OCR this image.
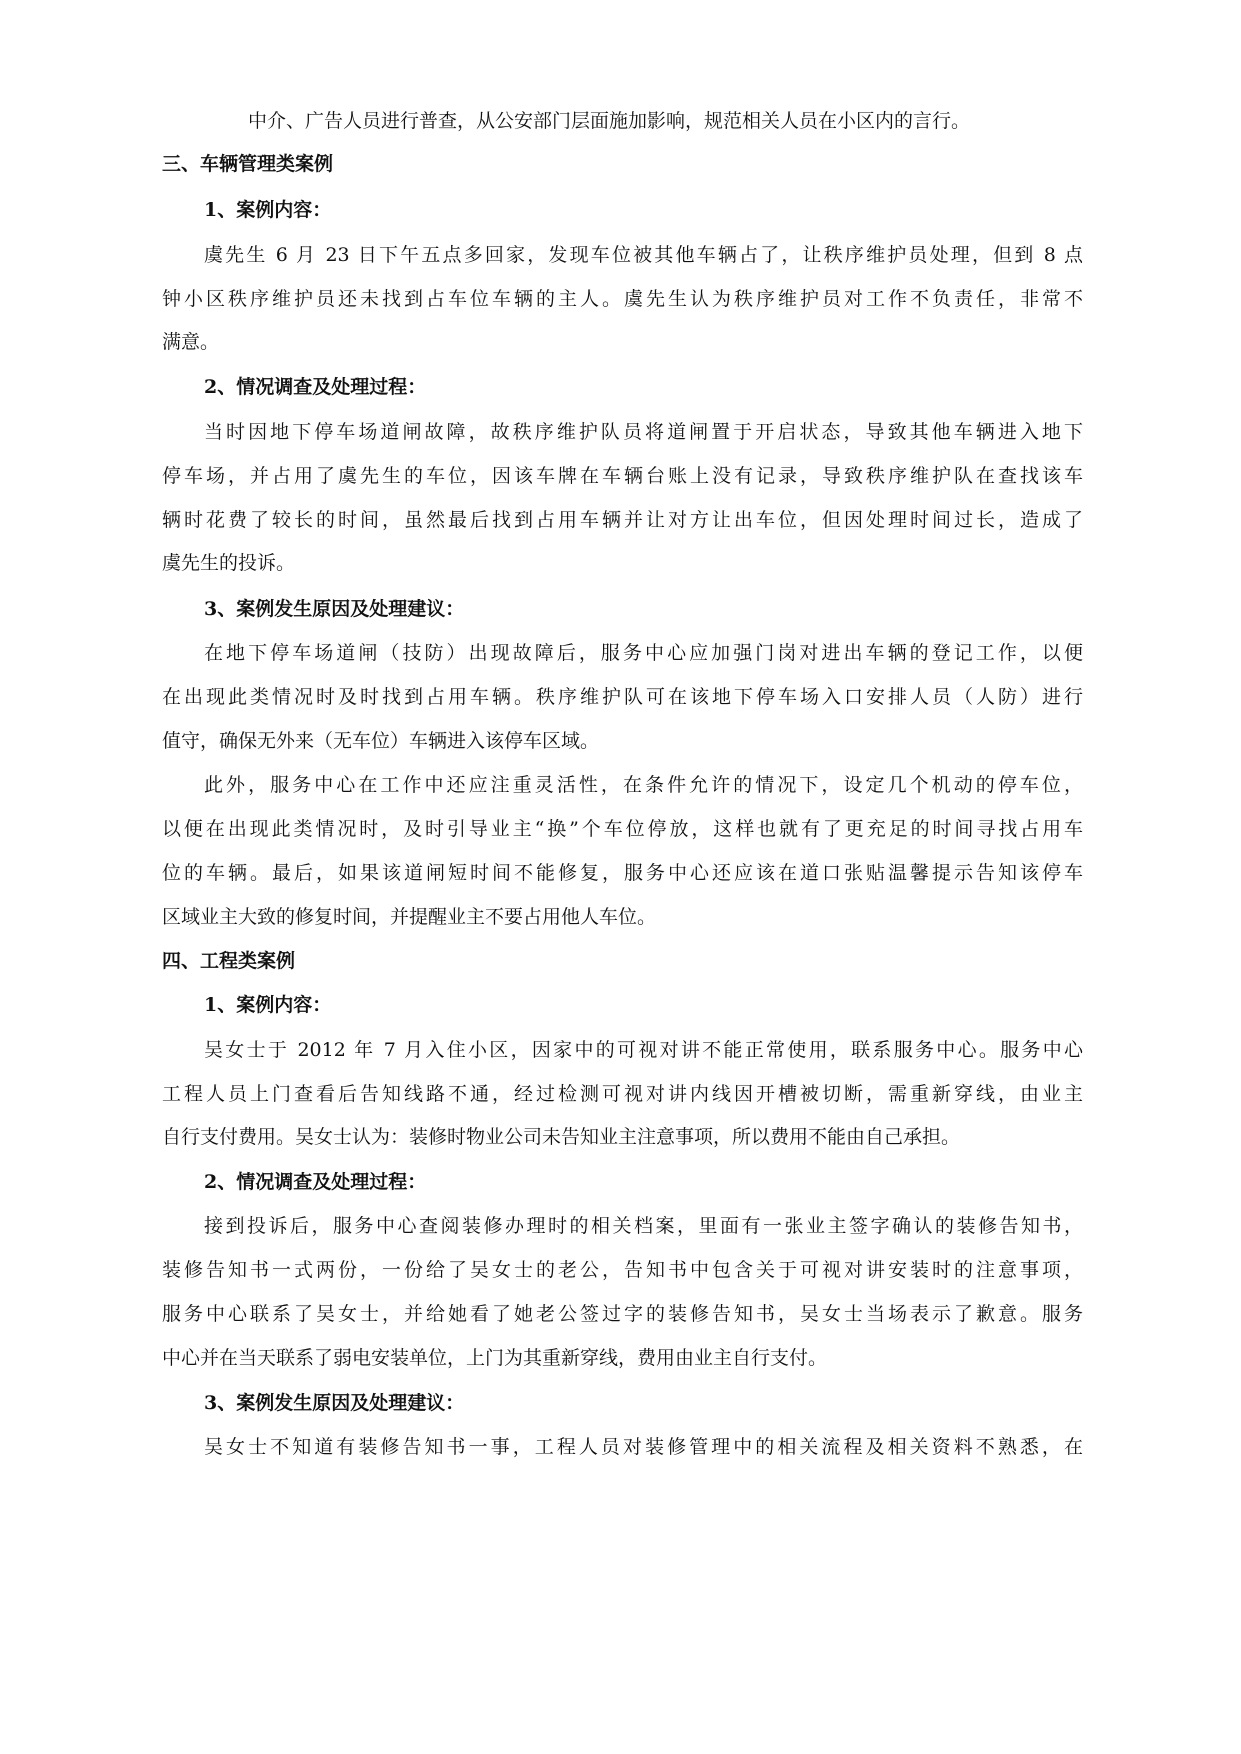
中介、广告人员进行普查，从公安部门层面施加影响，规范相关人员在小区内的言行。
三、车辆管理类案例
1、案例内容：
虞先生 6 月 23 日下午五点多回家，发现车位被其他车辆占了，让秩序维护员处理，但到 8 点
钟小区秩序维护员还未找到占车位车辆的主人。虞先生认为秩序维护员对工作不负责任，非常不
满意。
2、情况调查及处理过程：
当时因地下停车场道闸故障，故秩序维护队员将道闸置于开启状态，导致其他车辆进入地下
停车场，并占用了虞先生的车位，因该车牌在车辆台账上没有记录，导致秩序维护队在查找该车
辆时花费了较长的时间，虽然最后找到占用车辆并让对方让出车位，但因处理时间过长，造成了
虞先生的投诉。
3、案例发生原因及处理建议：
在地下停车场道闸（技防）出现故障后，服务中心应加强门岗对进出车辆的登记工作，以便
在出现此类情况时及时找到占用车辆。秩序维护队可在该地下停车场入口安排人员（人防）进行
值守，确保无外来（无车位）车辆进入该停车区域。
此外，服务中心在工作中还应注重灵活性，在条件允许的情况下，设定几个机动的停车位，
以便在出现此类情况时，及时引导业主“换”个车位停放，这样也就有了更充足的时间寻找占用车
位的车辆。最后，如果该道闸短时间不能修复，服务中心还应该在道口张贴温馨提示告知该停车
区域业主大致的修复时间，并提醒业主不要占用他人车位。
四、工程类案例
1、案例内容：
吴女士于 2012 年 7 月入住小区，因家中的可视对讲不能正常使用，联系服务中心。服务中心
工程人员上门查看后告知线路不通，经过检测可视对讲内线因开槽被切断，需重新穿线，由业主
自行支付费用。吴女士认为：装修时物业公司未告知业主注意事项，所以费用不能由自己承担。
2、情况调查及处理过程：
接到投诉后，服务中心查阅装修办理时的相关档案，里面有一张业主签字确认的装修告知书，
装修告知书一式两份，一份给了吴女士的老公，告知书中包含关于可视对讲安装时的注意事项，
服务中心联系了吴女士，并给她看了她老公签过字的装修告知书，吴女士当场表示了歉意。服务
中心并在当天联系了弱电安装单位，上门为其重新穿线，费用由业主自行支付。
3、案例发生原因及处理建议：
吴女士不知道有装修告知书一事，工程人员对装修管理中的相关流程及相关资料不熟悉，在
